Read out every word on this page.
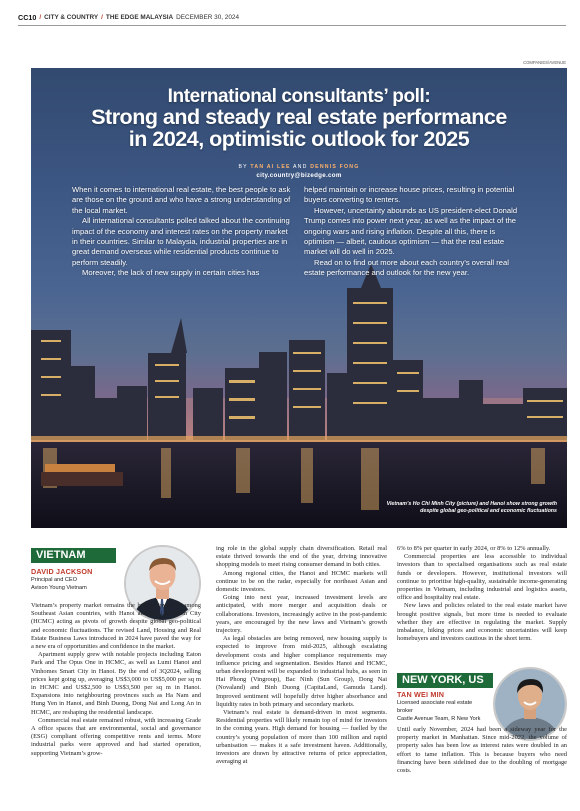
CC10 / CITY & COUNTRY / THE EDGE MALAYSIA DECEMBER 30, 2024
COMPANIES/AVENUE
International consultants’ poll:
Strong and steady real estate performance
in 2024, optimistic outlook for 2025
BY TAN AI LEE AND DENNIS FONG
city.country@bizedge.com

When it comes to international real estate, the best people to ask are those on the ground and who have a strong understanding of the local market.

All international consultants polled talked about the continuing impact of the economy and interest rates on the property market in their countries. Similar to Malaysia, industrial properties are in great demand overseas while residential products continue to perform steadily.

Moreover, the lack of new supply in certain cities has

helped maintain or increase house prices, resulting in potential buyers converting to renters.

However, uncertainty abounds as US president-elect Donald Trump comes into power next year, as well as the impact of the ongoing wars and rising inflation. Despite all this, there is optimism — albeit, cautious optimism — that the real estate market will do well in 2025.

Read on to find out more about each country’s overall real estate performance and outlook for the new year.

Vietnam’s Ho Chi Minh City (picture) and Hanoi show strong growth
despite global geo-political and economic fluctuations
VIETNAM
DAVID JACKSON
Principal and CEO
Avison Young Vietnam

Vietnam’s property market remains the best to invest in among Southeast Asian countries, with Hanoi and Ho Chi Minh City (HCMC) acting as pivots of growth despite global geo-political and economic fluctuations. The revised Land, Housing and Real Estate Business Laws introduced in 2024 have paved the way for a new era of opportunities and confidence in the market.

Apartment supply grew with notable projects including Eaton Park and The Opus One in HCMC, as well as Lumi Hanoi and Vinhomes Smart City in Hanoi. By the end of 3Q2024, selling prices kept going up, averaging US$3,000 to US$5,000 per sq m in HCMC and US$2,500 to US$3,500 per sq m in Hanoi. Expansions into neighbouring provinces such as Ha Nam and Hung Yen in Hanoi, and Binh Duong, Dong Nai and Long An in HCMC, are reshaping the residential landscape.

Commercial real estate remained robust, with increasing Grade A office spaces that are environmental, social and governance (ESG) compliant offering competitive rents and terms. More industrial parks were approved and had started operation, supporting Vietnam’s grow-

ing role in the global supply chain diversification. Retail real estate thrived towards the end of the year, driving innovative shopping models to meet rising consumer demand in both cities.

Among regional cities, the Hanoi and HCMC markets will continue to be on the radar, especially for northeast Asian and domestic investors.

Going into next year, increased investment levels are anticipated, with more merger and acquisition deals or collaborations. Investors, increasingly active in the post-pandemic years, are encouraged by the new laws and Vietnam’s growth trajectory.

As legal obstacles are being removed, new housing supply is expected to improve from mid-2025, although escalating development costs and higher compliance requirements may influence pricing and segmentation. Besides Hanoi and HCMC, urban development will be expanded to industrial hubs, as seen in Hai Phong (Vingroup), Bac Ninh (Sun Group), Dong Nai (Novaland) and Binh Duong (CapitaLand, Gamuda Land). Improved sentiment will hopefully drive higher absorbance and liquidity rates in both primary and secondary markets.

Vietnam’s real estate is demand-driven in most segments. Residential properties will likely remain top of mind for investors in the coming years. High demand for housing — fuelled by the country’s young population of more than 100 million and rapid urbanisation — makes it a safe investment haven. Additionally, investors are drawn by attractive returns of price appreciation, averaging at

6% to 8% per quarter in early 2024, or 8% to 12% annually.

Commercial properties are less accessible to individual investors than to specialised organisations such as real estate funds or developers. However, institutional investors will continue to prioritise high-quality, sustainable income-generating properties in Vietnam, including industrial and logistics assets, office and hospitality real estate.

New laws and policies related to the real estate market have brought positive signals, but more time is needed to evaluate whether they are effective in regulating the market. Supply imbalance, hiking prices and economic uncertainties will keep homebuyers and investors cautious in the short term.

NEW YORK, US
TAN WEI MIN
Licensed associate real estate broker
Castle Avenue Team, R New York

Until early November, 2024 had been a sideway year for the property market in Manhattan. Since mid-2022, the volume of property sales has been low as interest rates were doubled in an effort to tame inflation. This is because buyers who need financing have been sidelined due to the doubling of mortgage costs.
